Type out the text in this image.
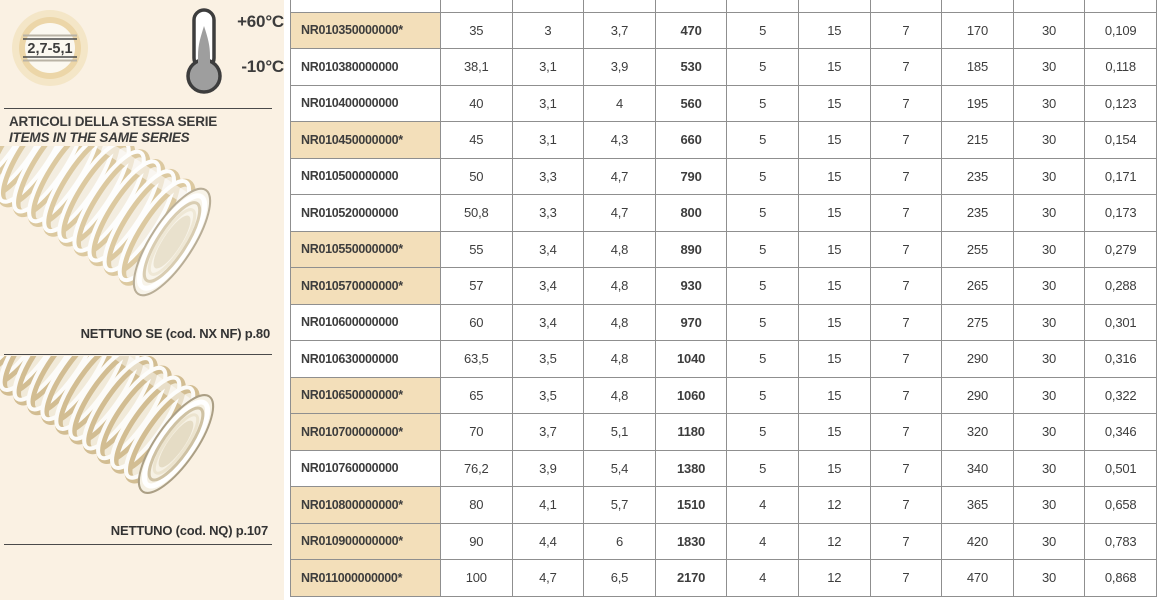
2,7-5,1
+60°C
-10°C
ARTICOLI DELLA STESSA SERIE
ITEMS IN THE SAME SERIES
NETTUNO SE (cod. NX NF) p.80
NETTUNO (cod. NQ) p.107

NR010350000000*	35	3	3,7	470	5	15	7	170	30	0,109
NR010380000000	38,1	3,1	3,9	530	5	15	7	185	30	0,118
NR010400000000	40	3,1	4	560	5	15	7	195	30	0,123
NR010450000000*	45	3,1	4,3	660	5	15	7	215	30	0,154
NR010500000000	50	3,3	4,7	790	5	15	7	235	30	0,171
NR010520000000	50,8	3,3	4,7	800	5	15	7	235	30	0,173
NR010550000000*	55	3,4	4,8	890	5	15	7	255	30	0,279
NR010570000000*	57	3,4	4,8	930	5	15	7	265	30	0,288
NR010600000000	60	3,4	4,8	970	5	15	7	275	30	0,301
NR010630000000	63,5	3,5	4,8	1040	5	15	7	290	30	0,316
NR010650000000*	65	3,5	4,8	1060	5	15	7	290	30	0,322
NR010700000000*	70	3,7	5,1	1180	5	15	7	320	30	0,346
NR010760000000	76,2	3,9	5,4	1380	5	15	7	340	30	0,501
NR010800000000*	80	4,1	5,7	1510	4	12	7	365	30	0,658
NR010900000000*	90	4,4	6	1830	4	12	7	420	30	0,783
NR011000000000*	100	4,7	6,5	2170	4	12	7	470	30	0,868
